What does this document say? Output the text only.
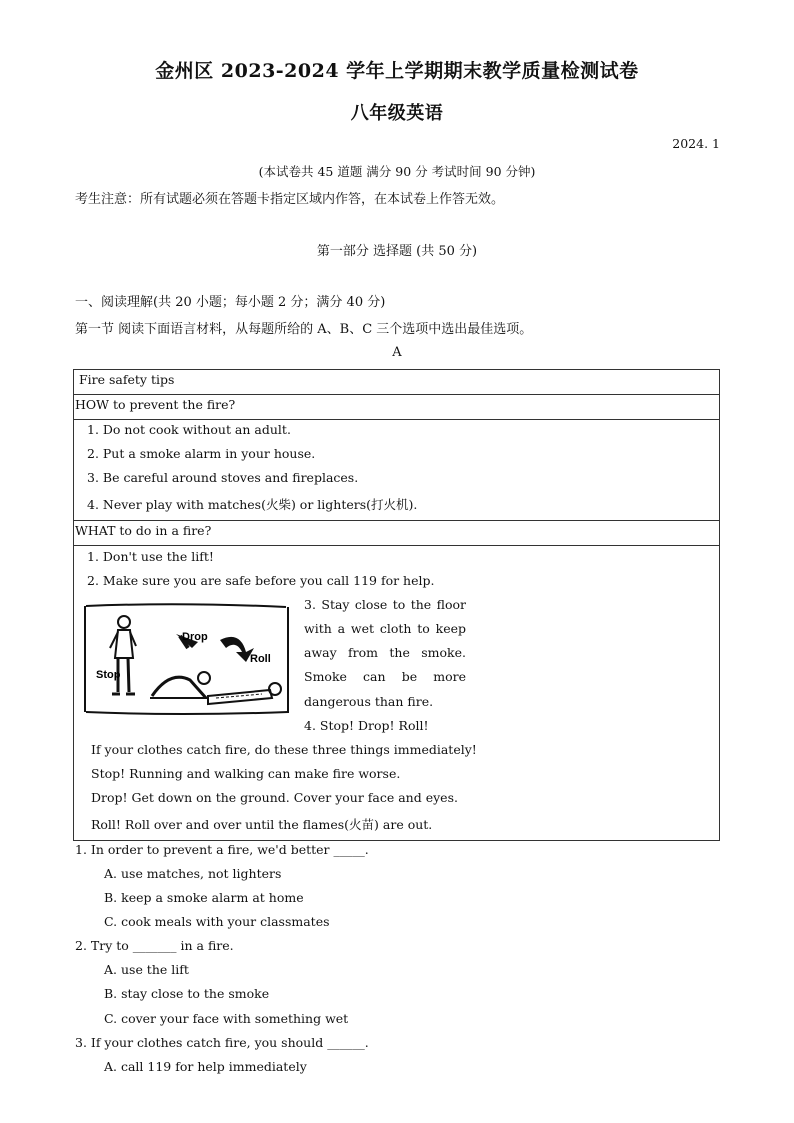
金州区 2023-2024 学年上学期期末教学质量检测试卷
八年级英语
2024. 1
(本试卷共 45 道题 满分 90 分 考试时间 90 分钟)
考生注意：所有试题必须在答题卡指定区域内作答，在本试卷上作答无效。
第一部分 选择题 (共 50 分)
一、阅读理解(共 20 小题；每小题 2 分；满分 40 分)
第一节 阅读下面语言材料，从每题所给的 A、B、C 三个选项中选出最佳选项。
A
Fire safety tips
HOW to prevent the fire?
1. Do not cook without an adult.
2. Put a smoke alarm in your house.
3. Be careful around stoves and fireplaces.
4. Never play with matches(火柴) or lighters(打火机).
WHAT to do in a fire?
1. Don't use the lift!
2. Make sure you are safe before you call 119 for help.
Stop
Drop
Roll
3. Stay close to the floor
with a wet cloth to keep
away from the smoke.
Smoke can be more
dangerous than fire.
4. Stop! Drop! Roll!
If your clothes catch fire, do these three things immediately!
Stop! Running and walking can make fire worse.
Drop! Get down on the ground. Cover your face and eyes.
Roll! Roll over and over until the flames(火苗) are out.
1. In order to prevent a fire, we'd better _____.
A. use matches, not lighters
B. keep a smoke alarm at home
C. cook meals with your classmates
2. Try to _______ in a fire.
A. use the lift
B. stay close to the smoke
C. cover your face with something wet
3. If your clothes catch fire, you should ______.
A. call 119 for help immediately
